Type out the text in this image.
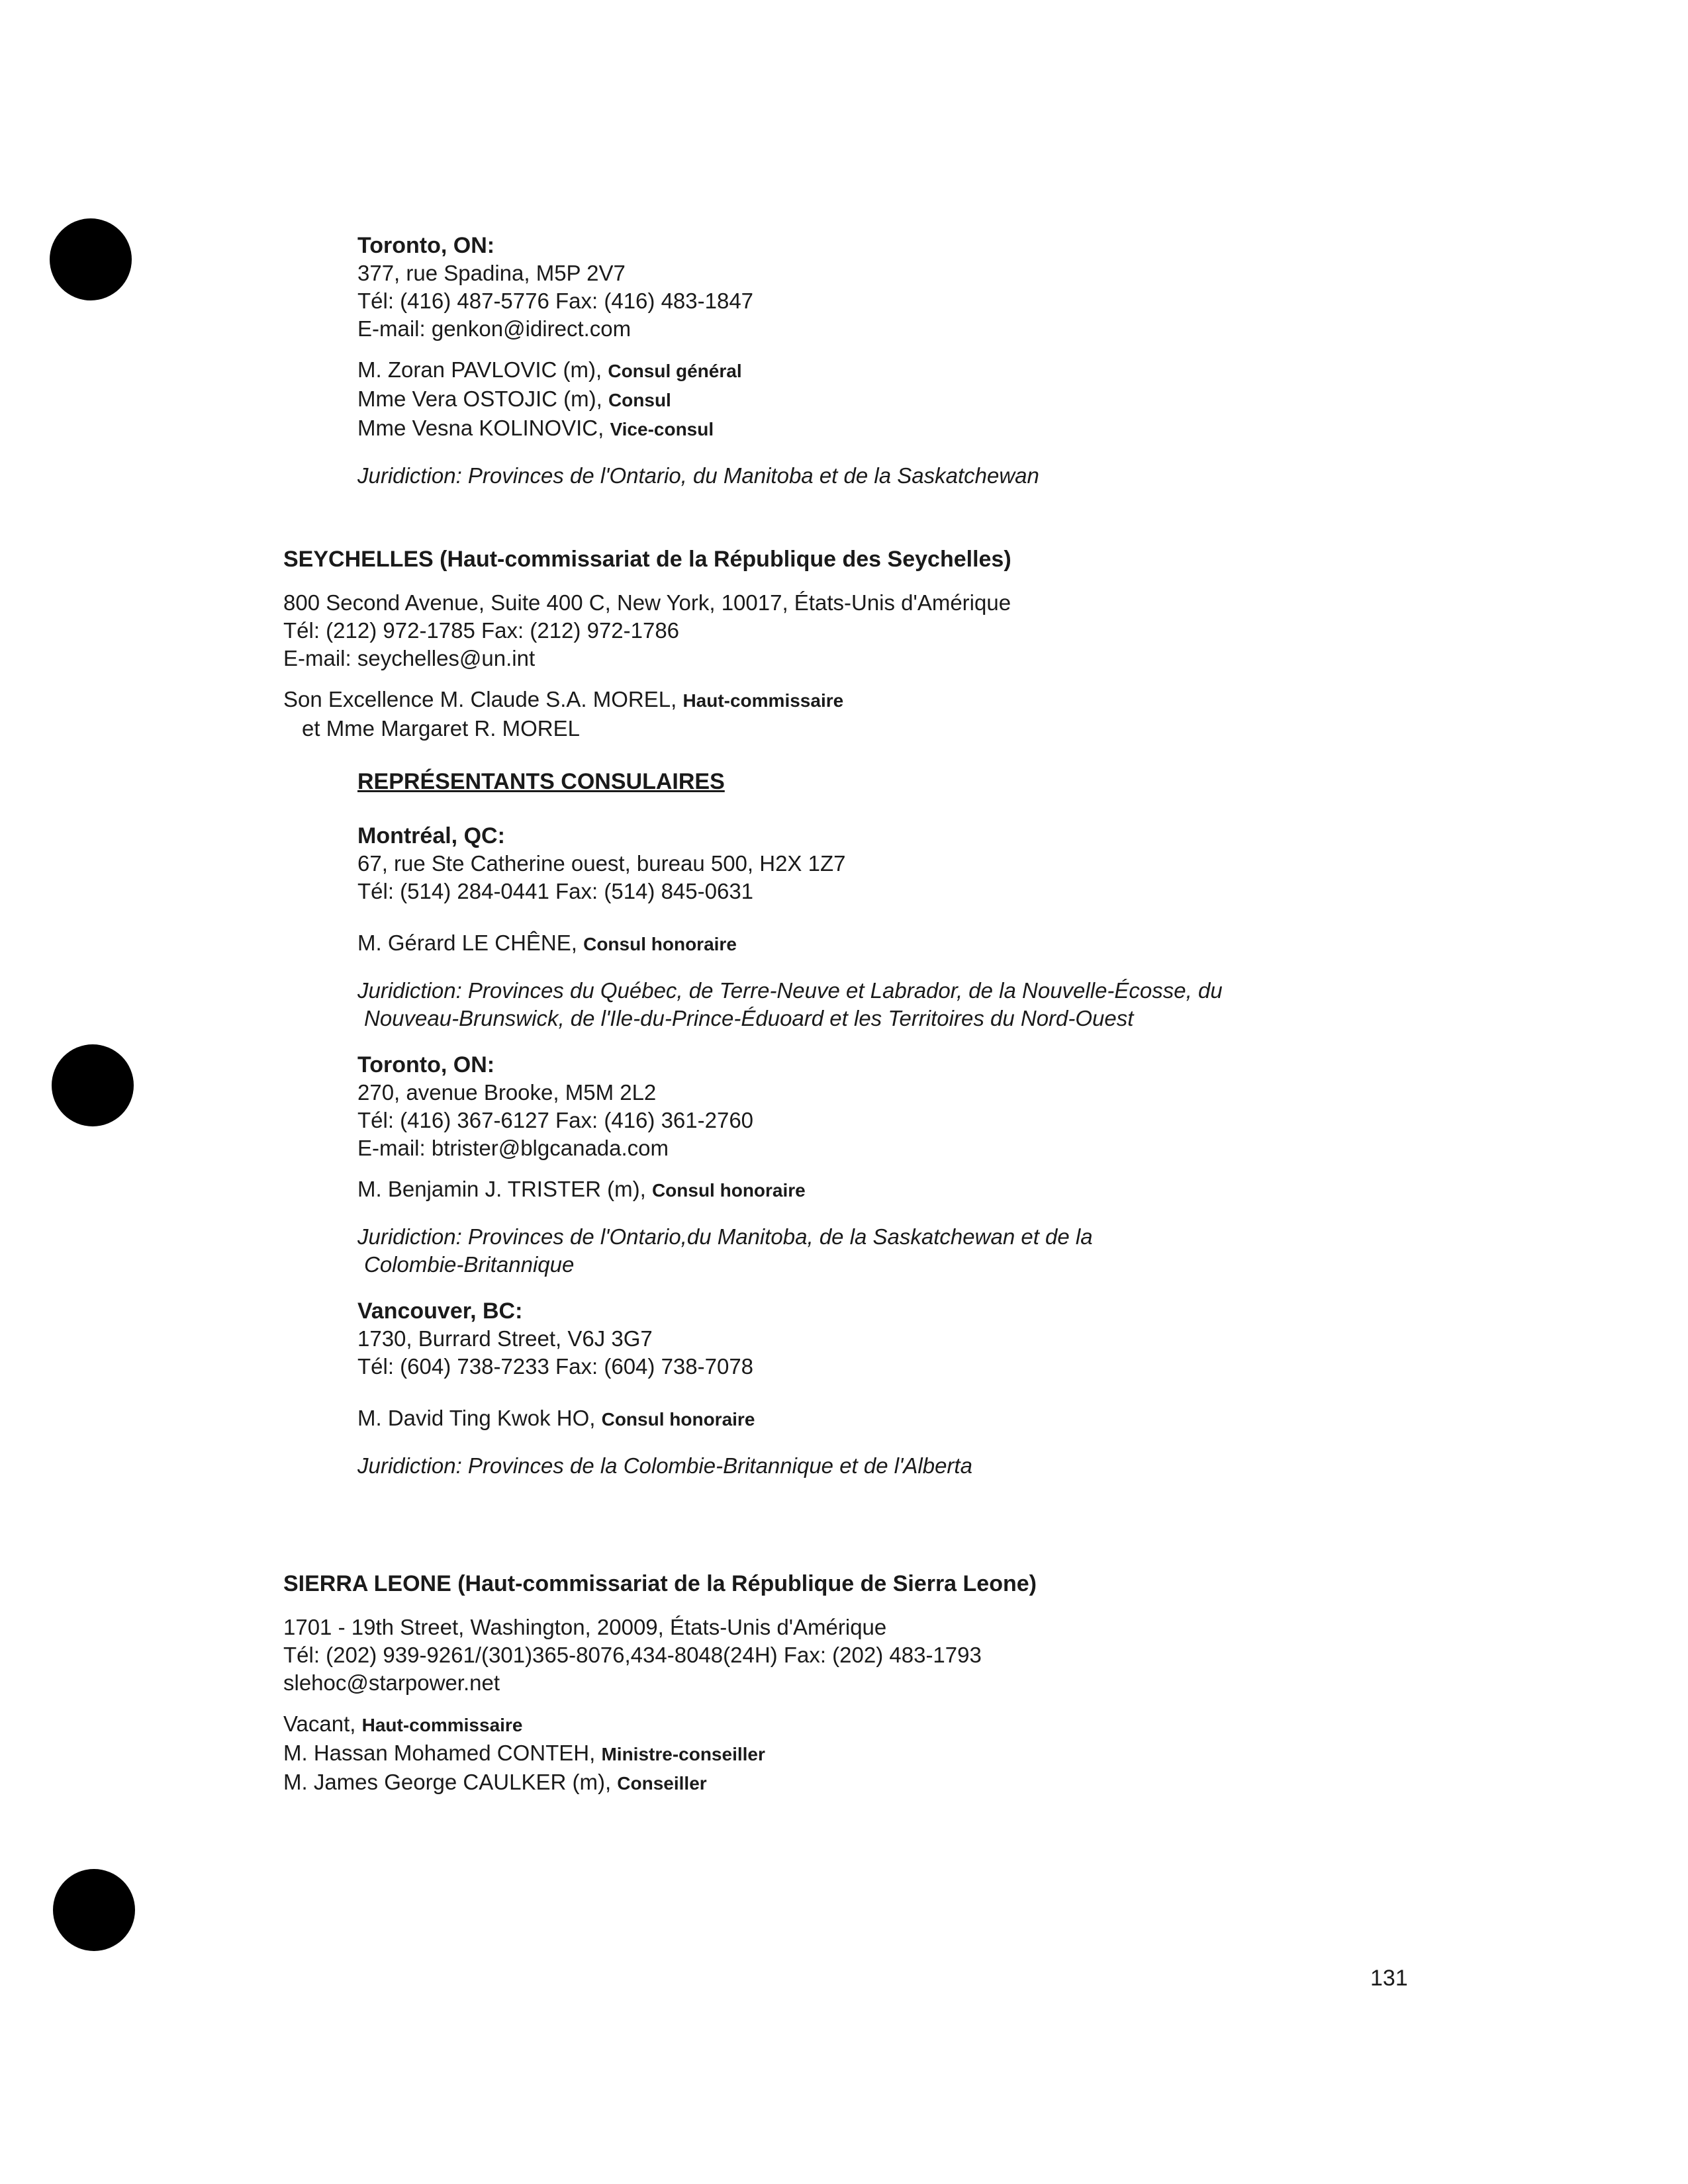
Toronto, ON:
377, rue Spadina, M5P 2V7
Tél: (416) 487-5776 Fax: (416) 483-1847
E-mail: genkon@idirect.com
M. Zoran PAVLOVIC (m), Consul général
Mme Vera OSTOJIC (m), Consul
Mme Vesna KOLINOVIC, Vice-consul
Juridiction: Provinces de l'Ontario, du Manitoba et de la Saskatchewan
SEYCHELLES (Haut-commissariat de la République des Seychelles)
800 Second Avenue, Suite 400 C, New York, 10017, États-Unis d'Amérique
Tél: (212) 972-1785 Fax: (212) 972-1786
E-mail: seychelles@un.int
Son Excellence M. Claude S.A. MOREL, Haut-commissaire
et Mme Margaret R. MOREL
REPRÉSENTANTS CONSULAIRES
Montréal, QC:
67, rue Ste Catherine ouest, bureau 500, H2X 1Z7
Tél: (514) 284-0441 Fax: (514) 845-0631
M. Gérard LE CHÊNE, Consul honoraire
Juridiction: Provinces du Québec, de Terre-Neuve et Labrador, de la Nouvelle-Écosse, du
Nouveau-Brunswick, de l'Ile-du-Prince-Éduoard et les Territoires du Nord-Ouest
Toronto, ON:
270, avenue Brooke, M5M 2L2
Tél: (416) 367-6127 Fax: (416) 361-2760
E-mail: btrister@blgcanada.com
M. Benjamin J. TRISTER (m), Consul honoraire
Juridiction: Provinces de l'Ontario,du Manitoba, de la Saskatchewan et de la
Colombie-Britannique
Vancouver, BC:
1730, Burrard Street, V6J 3G7
Tél: (604) 738-7233 Fax: (604) 738-7078
M. David Ting Kwok HO, Consul honoraire
Juridiction: Provinces de la Colombie-Britannique et de l'Alberta
SIERRA LEONE (Haut-commissariat de la République de Sierra Leone)
1701 - 19th Street, Washington, 20009, États-Unis d'Amérique
Tél: (202) 939-9261/(301)365-8076,434-8048(24H) Fax: (202) 483-1793
slehoc@starpower.net
Vacant, Haut-commissaire
M. Hassan Mohamed CONTEH, Ministre-conseiller
M. James George CAULKER (m), Conseiller
131
